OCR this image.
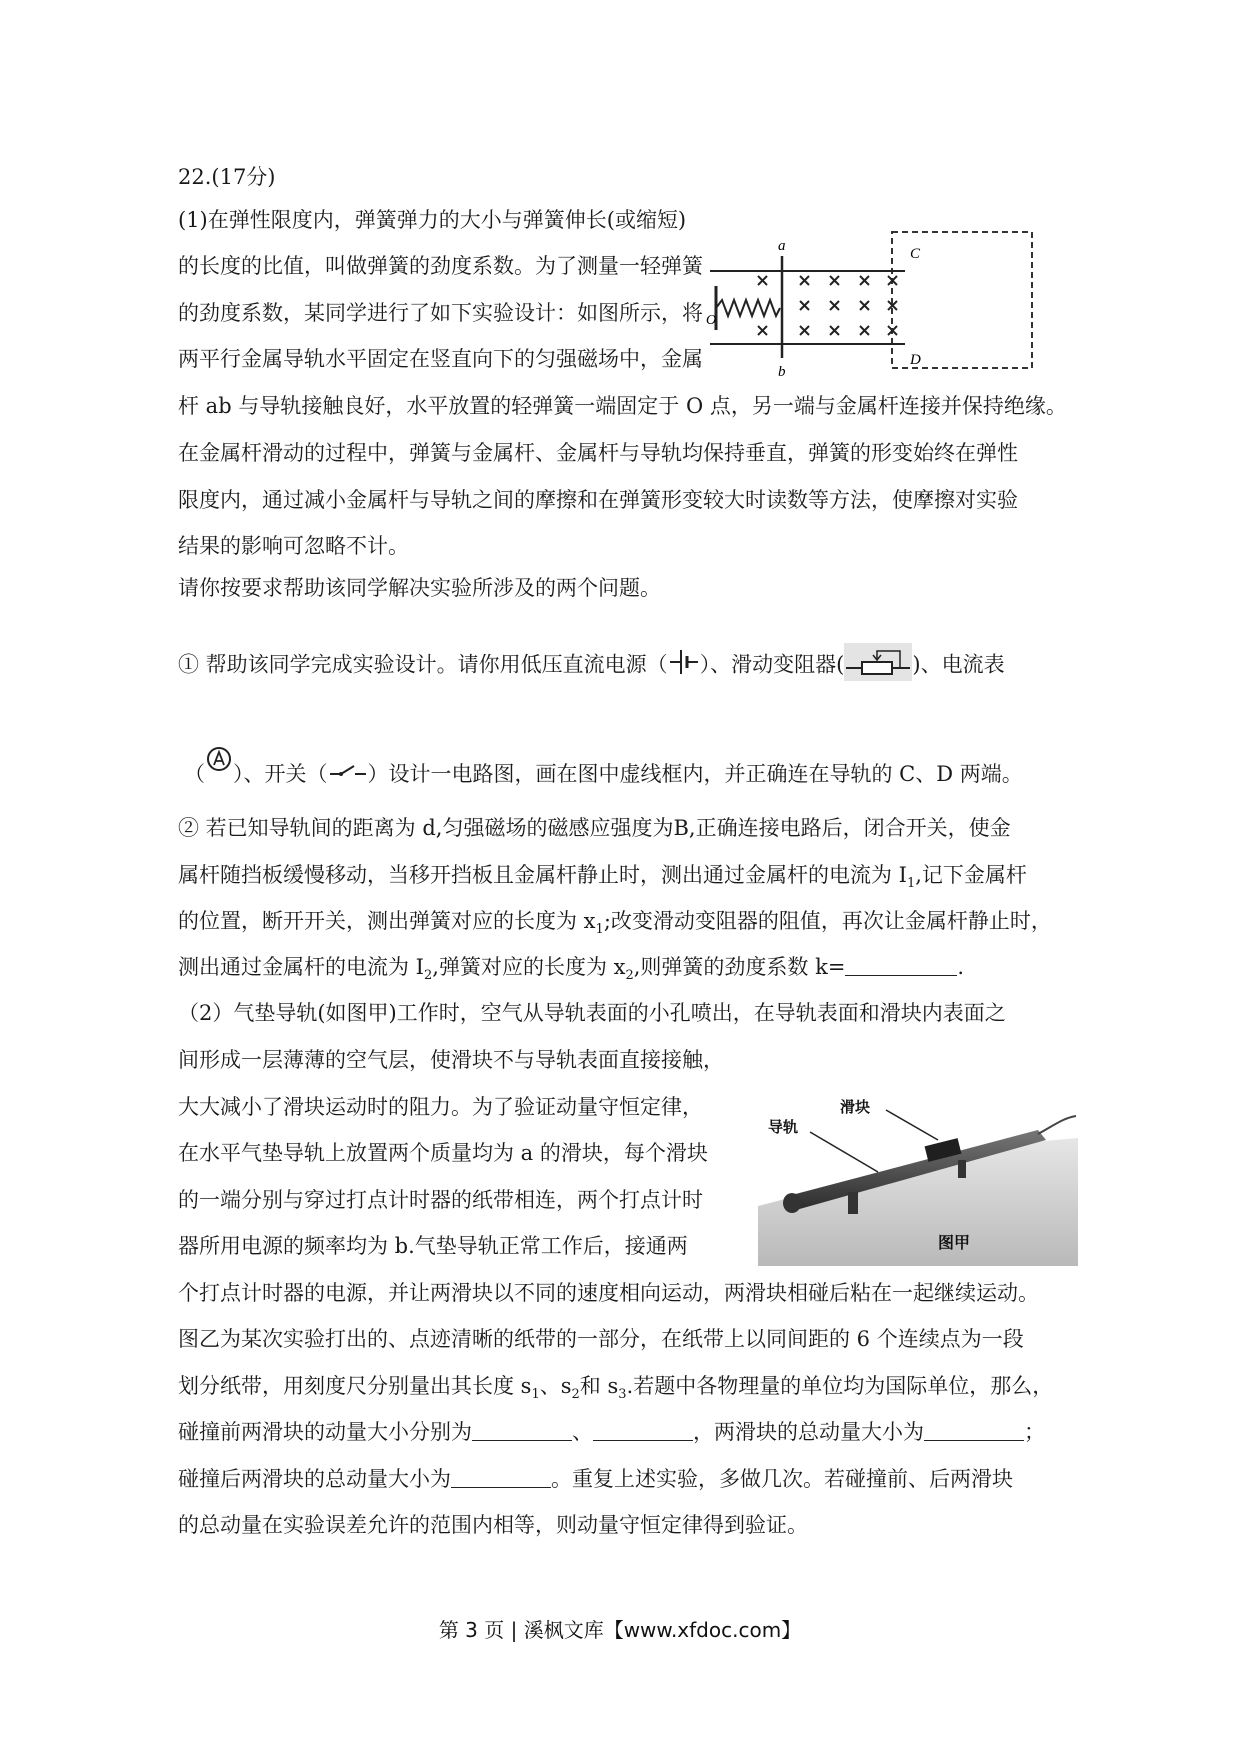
22.(17分)
(1)在弹性限度内，弹簧弹力的大小与弹簧伸长(或缩短)
的长度的比值，叫做弹簧的劲度系数。为了测量一轻弹簧
的劲度系数，某同学进行了如下实验设计：如图所示，将
两平行金属导轨水平固定在竖直向下的匀强磁场中，金属
杆 ab 与导轨接触良好，水平放置的轻弹簧一端固定于 O 点，另一端与金属杆连接并保持绝缘。
在金属杆滑动的过程中，弹簧与金属杆、金属杆与导轨均保持垂直，弹簧的形变始终在弹性
限度内，通过减小金属杆与导轨之间的摩擦和在弹簧形变较大时读数等方法，使摩擦对实验
结果的影响可忽略不计。
请你按要求帮助该同学解决实验所涉及的两个问题。
a
b
C
D
O
① 帮助该同学完成实验设计。请你用低压直流电源（ ）、滑动变阻器(	)、电流表
（ ）、开关（ ）设计一电路图，画在图中虚线框内，并正确连在导轨的 C、D 两端。
② 若已知导轨间的距离为 d,匀强磁场的磁感应强度为B,正确连接电路后，闭合开关，使金
属杆随挡板缓慢移动，当移开挡板且金属杆静止时，测出通过金属杆的电流为 $I_1$,记下金属杆
的位置，断开开关，测出弹簧对应的长度为 $x_1$;改变滑动变阻器的阻值，再次让金属杆静止时，
测出通过金属杆的电流为 $I_2$,弹簧对应的长度为 $x_2$,则弹簧的劲度系数 k=	.
（2）气垫导轨(如图甲)工作时，空气从导轨表面的小孔喷出，在导轨表面和滑块内表面之
间形成一层薄薄的空气层，使滑块不与导轨表面直接接触，
大大减小了滑块运动时的阻力。为了验证动量守恒定律，
在水平气垫导轨上放置两个质量均为 a 的滑块，每个滑块
的一端分别与穿过打点计时器的纸带相连，两个打点计时
器所用电源的频率均为 b.气垫导轨正常工作后，接通两
个打点计时器的电源，并让两滑块以不同的速度相向运动，两滑块相碰后粘在一起继续运动。
图乙为某次实验打出的、点迹清晰的纸带的一部分，在纸带上以同间距的 6 个连续点为一段
划分纸带，用刻度尺分别量出其长度 $s_1$、$s_2$和 $s_3$.若题中各物理量的单位均为国际单位，那么，
碰撞前两滑块的动量大小分别为	、	，两滑块的总动量大小为	；
碰撞后两滑块的总动量大小为	。重复上述实验，多做几次。若碰撞前、后两滑块
的总动量在实验误差允许的范围内相等，则动量守恒定律得到验证。
滑块
导轨
图甲
第 3 页 | 溪枫文库【www.xfdoc.com】
